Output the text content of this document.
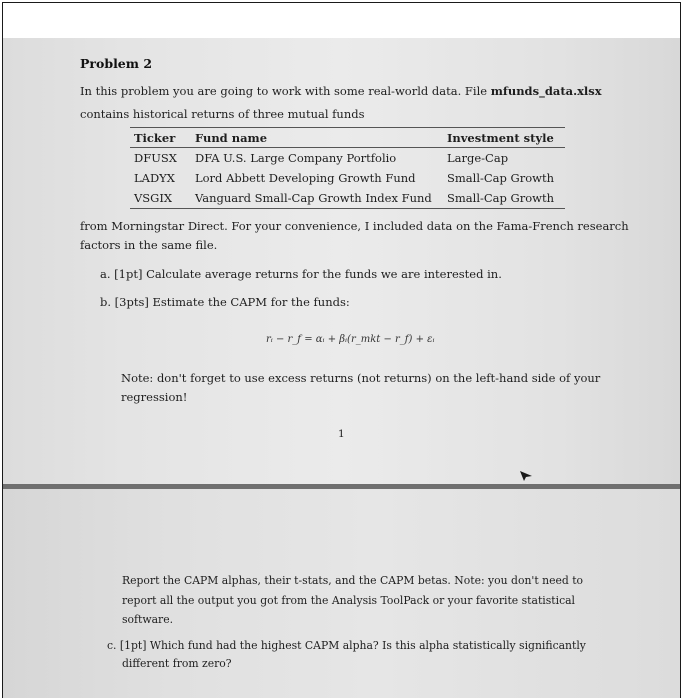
Problem 2
In this problem you are going to work with some real-world data. File mfunds_data.xlsx
contains historical returns of three mutual funds
Ticker	Fund name	Investment style
DFUSX	DFA U.S. Large Company Portfolio	Large-Cap
LADYX	Lord Abbett Developing Growth Fund	Small-Cap Growth
VSGIX	Vanguard Small-Cap Growth Index Fund	Small-Cap Growth
from Morningstar Direct. For your convenience, I included data on the Fama-French research
factors in the same file.
a. [1pt] Calculate average returns for the funds we are interested in.
b. [3pts] Estimate the CAPM for the funds:
rᵢ − r_f = αᵢ + βᵢ(r_mkt − r_f) + εᵢ
Note: don't forget to use excess returns (not returns) on the left-hand side of your
regression!
1
Report the CAPM alphas, their t-stats, and the CAPM betas. Note: you don't need to
report all the output you got from the Analysis ToolPack or your favorite statistical
software.
c. [1pt] Which fund had the highest CAPM alpha? Is this alpha statistically significantly
different from zero?
